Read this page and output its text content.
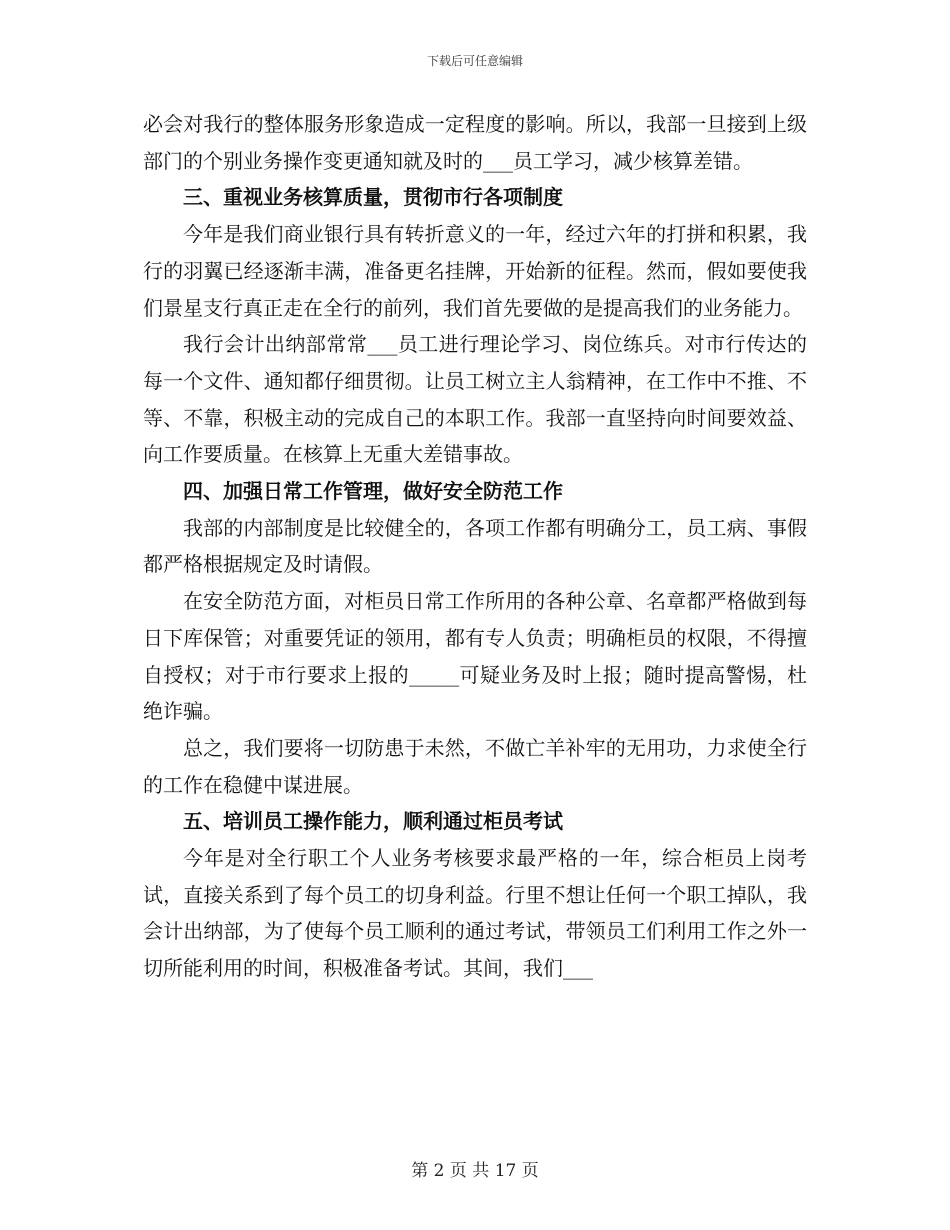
下载后可任意编辑

必会对我行的整体服务形象造成一定程度的影响。所以，我部一旦接到上级部门的个别业务操作变更通知就及时的___员工学习，减少核算差错。

三、重视业务核算质量，贯彻市行各项制度

今年是我们商业银行具有转折意义的一年，经过六年的打拼和积累，我行的羽翼已经逐渐丰满，准备更名挂牌，开始新的征程。然而，假如要使我们景星支行真正走在全行的前列，我们首先要做的是提高我们的业务能力。

我行会计出纳部常常___员工进行理论学习、岗位练兵。对市行传达的每一个文件、通知都仔细贯彻。让员工树立主人翁精神，在工作中不推、不等、不靠，积极主动的完成自己的本职工作。我部一直坚持向时间要效益、向工作要质量。在核算上无重大差错事故。

四、加强日常工作管理，做好安全防范工作

我部的内部制度是比较健全的，各项工作都有明确分工，员工病、事假都严格根据规定及时请假。

在安全防范方面，对柜员日常工作所用的各种公章、名章都严格做到每日下库保管；对重要凭证的领用，都有专人负责；明确柜员的权限，不得擅自授权；对于市行要求上报的_____可疑业务及时上报；随时提高警惕，杜绝诈骗。

总之，我们要将一切防患于未然，不做亡羊补牢的无用功，力求使全行的工作在稳健中谋进展。

五、培训员工操作能力，顺利通过柜员考试

今年是对全行职工个人业务考核要求最严格的一年，综合柜员上岗考试，直接关系到了每个员工的切身利益。行里不想让任何一个职工掉队，我会计出纳部，为了使每个员工顺利的通过考试，带领员工们利用工作之外一切所能利用的时间，积极准备考试。其间，我们___

第 2 页 共 17 页
